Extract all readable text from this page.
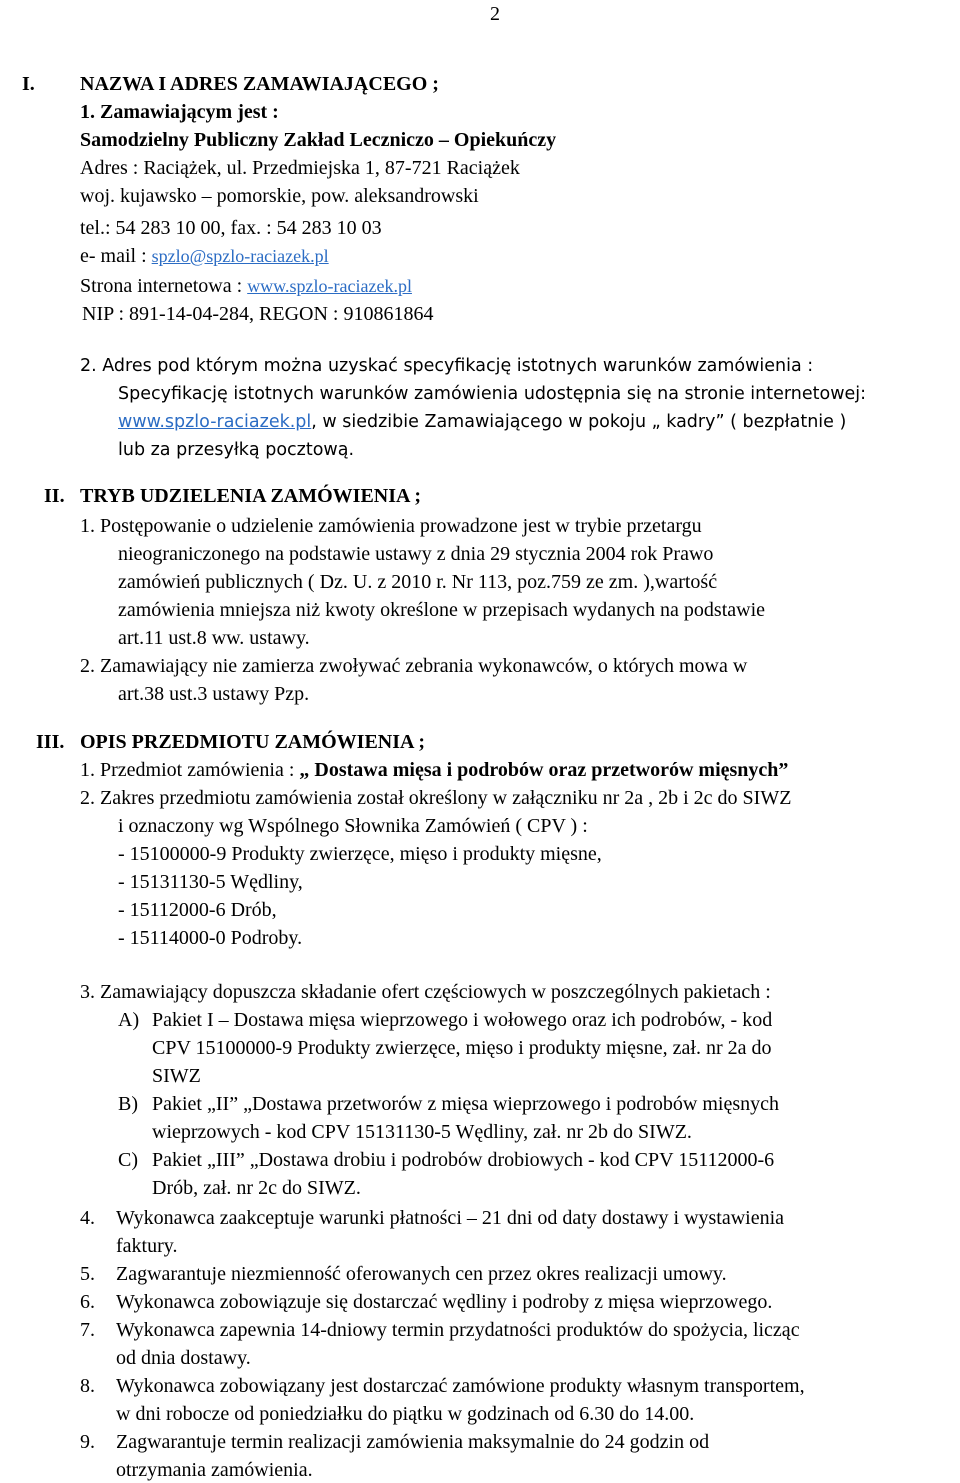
2
I. NAZWA I ADRES ZAMAWIAJĄCEGO ;
1. Zamawiającym jest :
Samodzielny Publiczny Zakład Leczniczo – Opiekuńczy
Adres : Raciążek, ul. Przedmiejska 1, 87-721 Raciążek
woj. kujawsko – pomorskie, pow. aleksandrowski
tel.: 54 283 10 00, fax. : 54 283 10 03
e- mail : spzlo@spzlo-raciazek.pl
Strona internetowa : www.spzlo-raciazek.pl
NIP : 891-14-04-284, REGON : 910861864
2. Adres pod którym można uzyskać specyfikację istotnych warunków zamówienia :
Specyfikację istotnych warunków zamówienia udostępnia się na stronie internetowej:
www.spzlo-raciazek.pl, w siedzibie Zamawiającego w pokoju „ kadry” ( bezpłatnie )
lub za przesyłką pocztową.
II. TRYB UDZIELENIA ZAMÓWIENIA ;
1. Postępowanie o udzielenie zamówienia prowadzone jest w trybie przetargu
nieograniczonego na podstawie ustawy z dnia 29 stycznia 2004 rok Prawo
zamówień publicznych ( Dz. U. z 2010 r. Nr 113, poz.759 ze zm. ),wartość
zamówienia mniejsza niż kwoty określone w przepisach wydanych na podstawie
art.11 ust.8 ww. ustawy.
2. Zamawiający nie zamierza zwoływać zebrania wykonawców, o których mowa w
art.38 ust.3 ustawy Pzp.
III. OPIS PRZEDMIOTU ZAMÓWIENIA ;
1. Przedmiot zamówienia : „ Dostawa mięsa i podrobów oraz przetworów mięsnych”
2. Zakres przedmiotu zamówienia został określony w załączniku nr 2a , 2b i 2c do SIWZ
i oznaczony wg Wspólnego Słownika Zamówień ( CPV ) :
- 15100000-9 Produkty zwierzęce, mięso i produkty mięsne,
- 15131130-5 Wędliny,
- 15112000-6 Drób,
- 15114000-0 Podroby.
3. Zamawiający dopuszcza składanie ofert częściowych w poszczególnych pakietach :
A) Pakiet I – Dostawa mięsa wieprzowego i wołowego oraz ich podrobów, - kod
CPV 15100000-9 Produkty zwierzęce, mięso i produkty mięsne, zał. nr 2a do
SIWZ
B) Pakiet „II” „Dostawa przetworów z mięsa wieprzowego i podrobów mięsnych
wieprzowych - kod CPV 15131130-5 Wędliny, zał. nr 2b do SIWZ.
C) Pakiet „III” „Dostawa drobiu i podrobów drobiowych - kod CPV 15112000-6
Drób, zał. nr 2c do SIWZ.
4. Wykonawca zaakceptuje warunki płatności – 21 dni od daty dostawy i wystawienia
faktury.
5. Zagwarantuje niezmienność oferowanych cen przez okres realizacji umowy.
6. Wykonawca zobowiązuje się dostarczać wędliny i podroby z mięsa wieprzowego.
7. Wykonawca zapewnia 14-dniowy termin przydatności produktów do spożycia, licząc
od dnia dostawy.
8. Wykonawca zobowiązany jest dostarczać zamówione produkty własnym transportem,
w dni robocze od poniedziałku do piątku w godzinach od 6.30 do 14.00.
9. Zagwarantuje termin realizacji zamówienia maksymalnie do 24 godzin od
otrzymania zamówienia.
